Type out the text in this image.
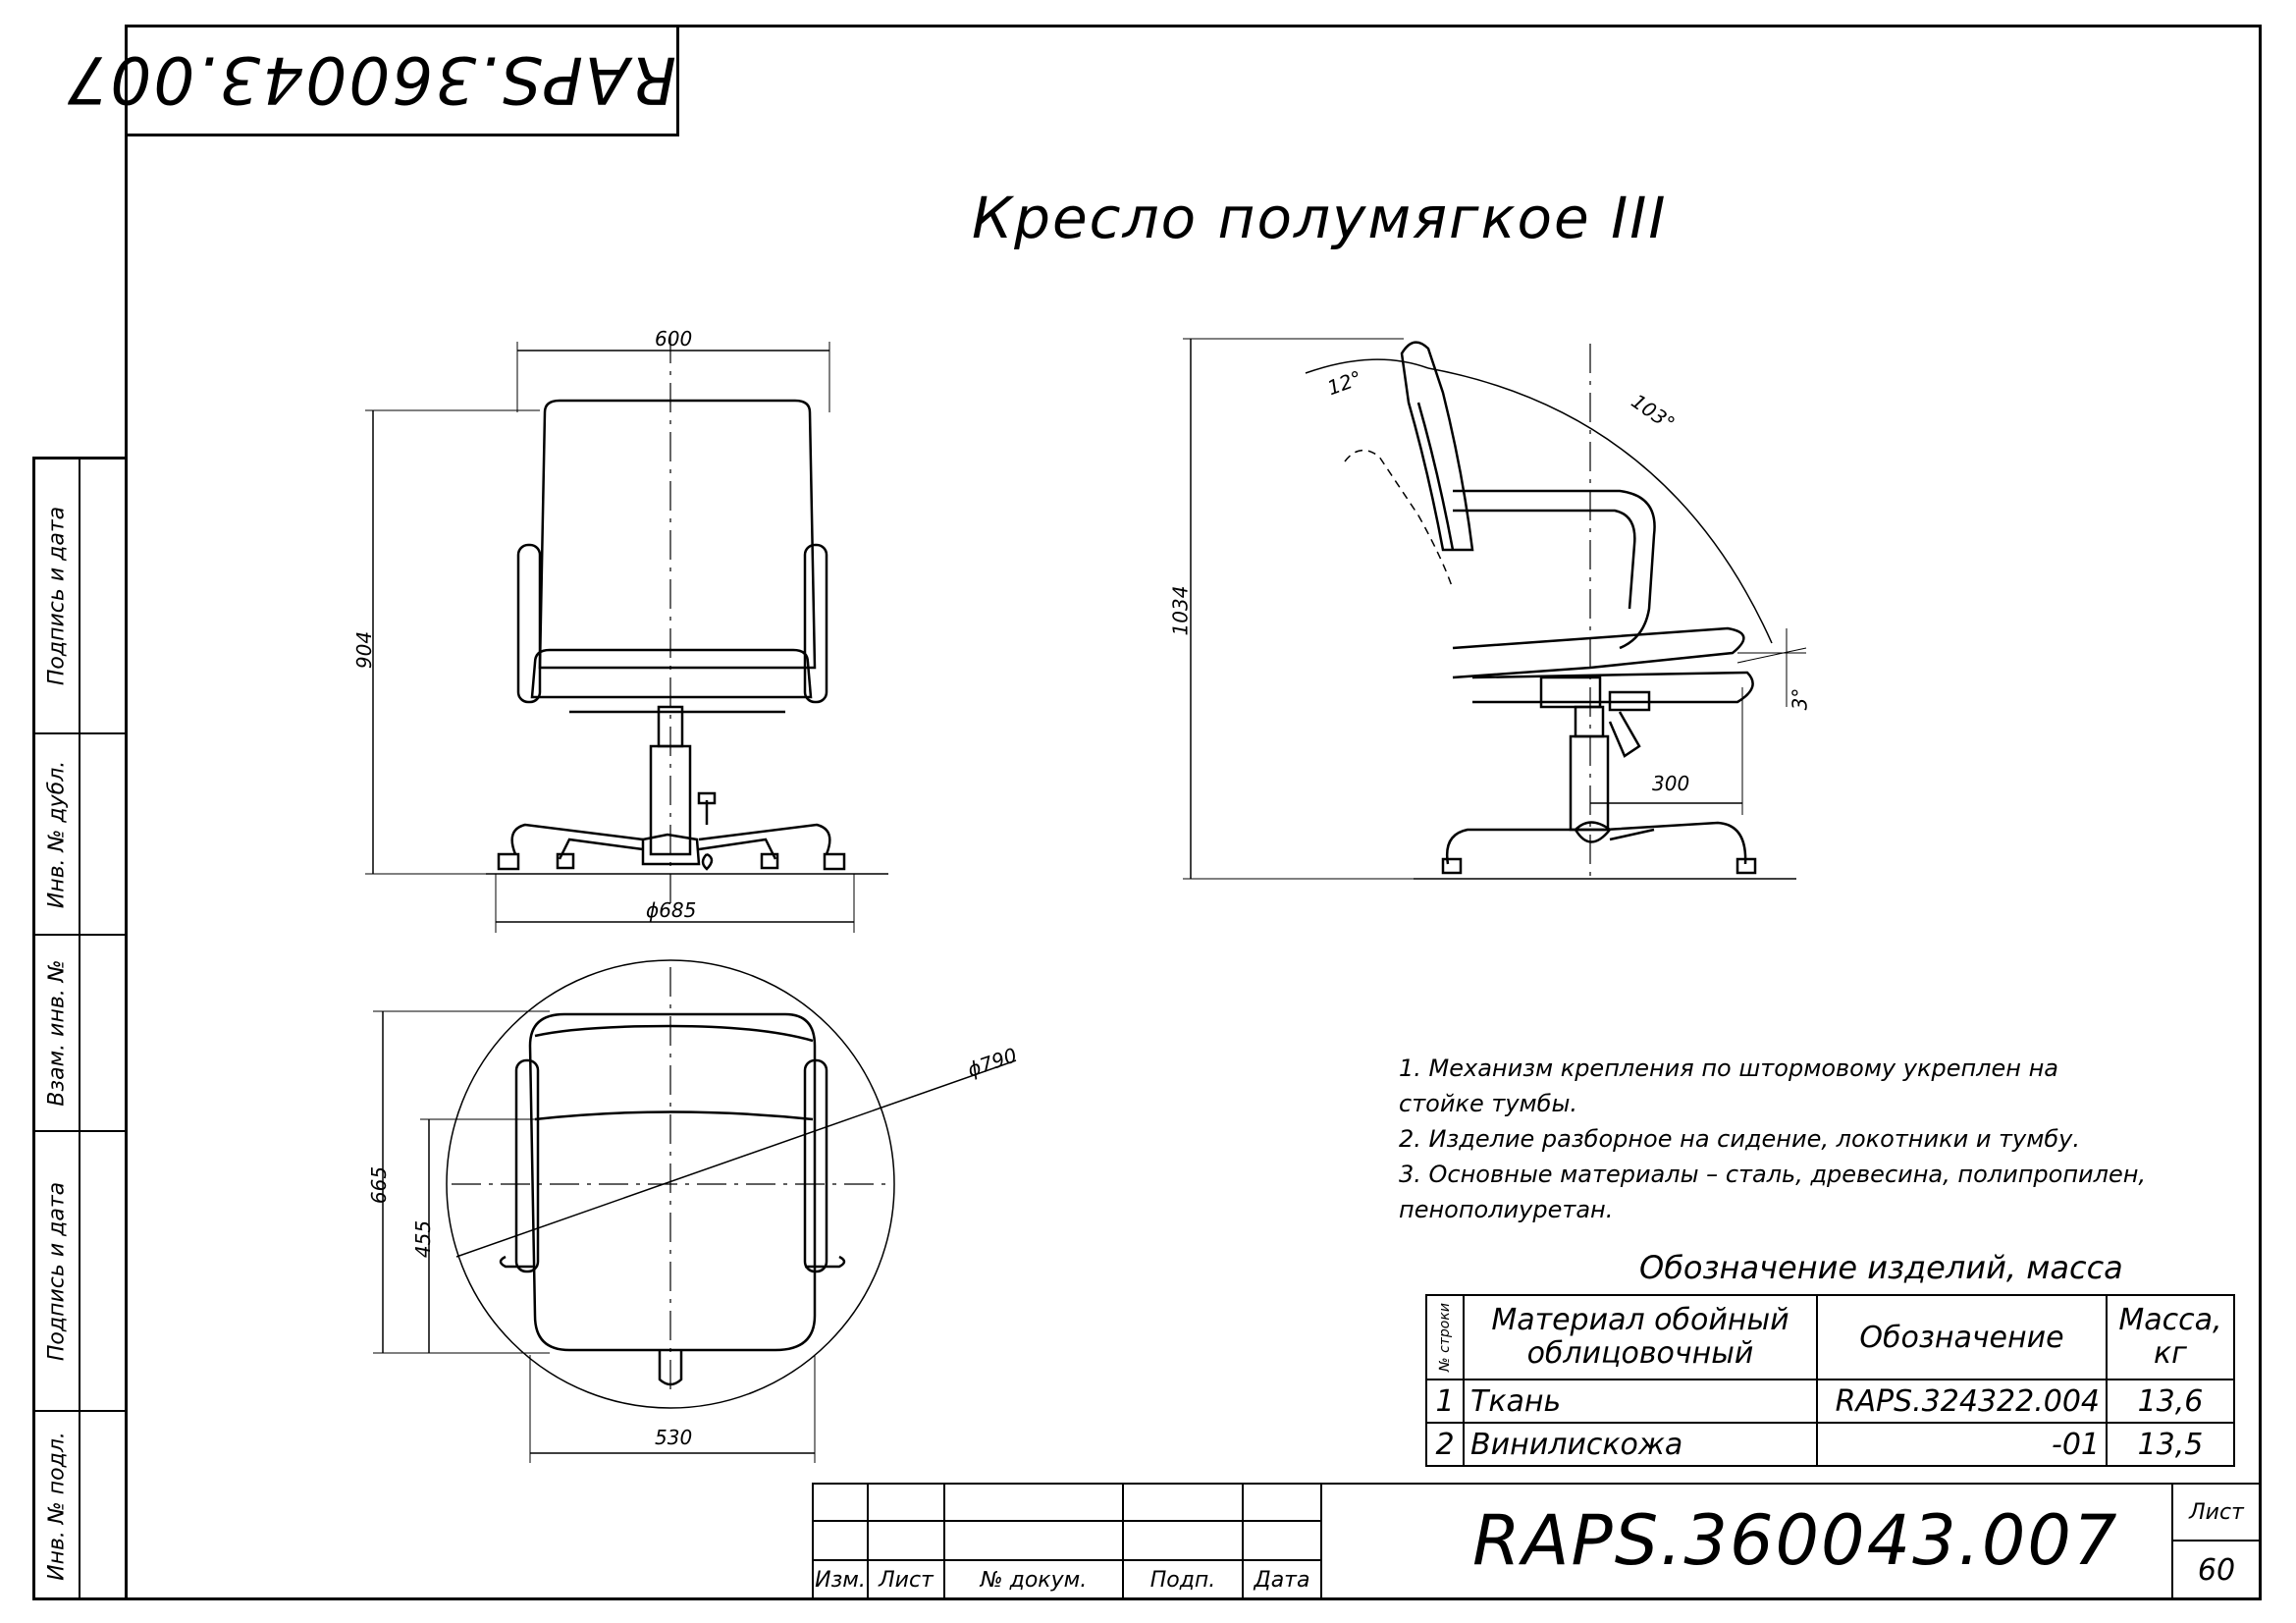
RAPS.360043.007
Подпись и дата
Инв. № дубл.
Взам. инв. №
Подпись и дата
Инв. № подл.
Кресло полумягкое III
600
904
ϕ685
1034
300
12°
103°
3°
665
455
530
ϕ790	1. Механизм крепления по штормовому укреплен на
стойке тумбы.
2. Изделие разборное на сидение, локотники и тумбу.
3. Основные материалы – сталь, древесина, полипропилен,
пенополиуретан.
Обозначение изделий, масса
№ строки	Материал обойный облицовочный	Обозначение	Масса, кг
1	Ткань	RAPS.324322.004	13,6
2	Винилискожа	-01	13,5
Изм. Лист	№ докум.	Подп.	Дата
Лист
60
RAPS.360043.007
